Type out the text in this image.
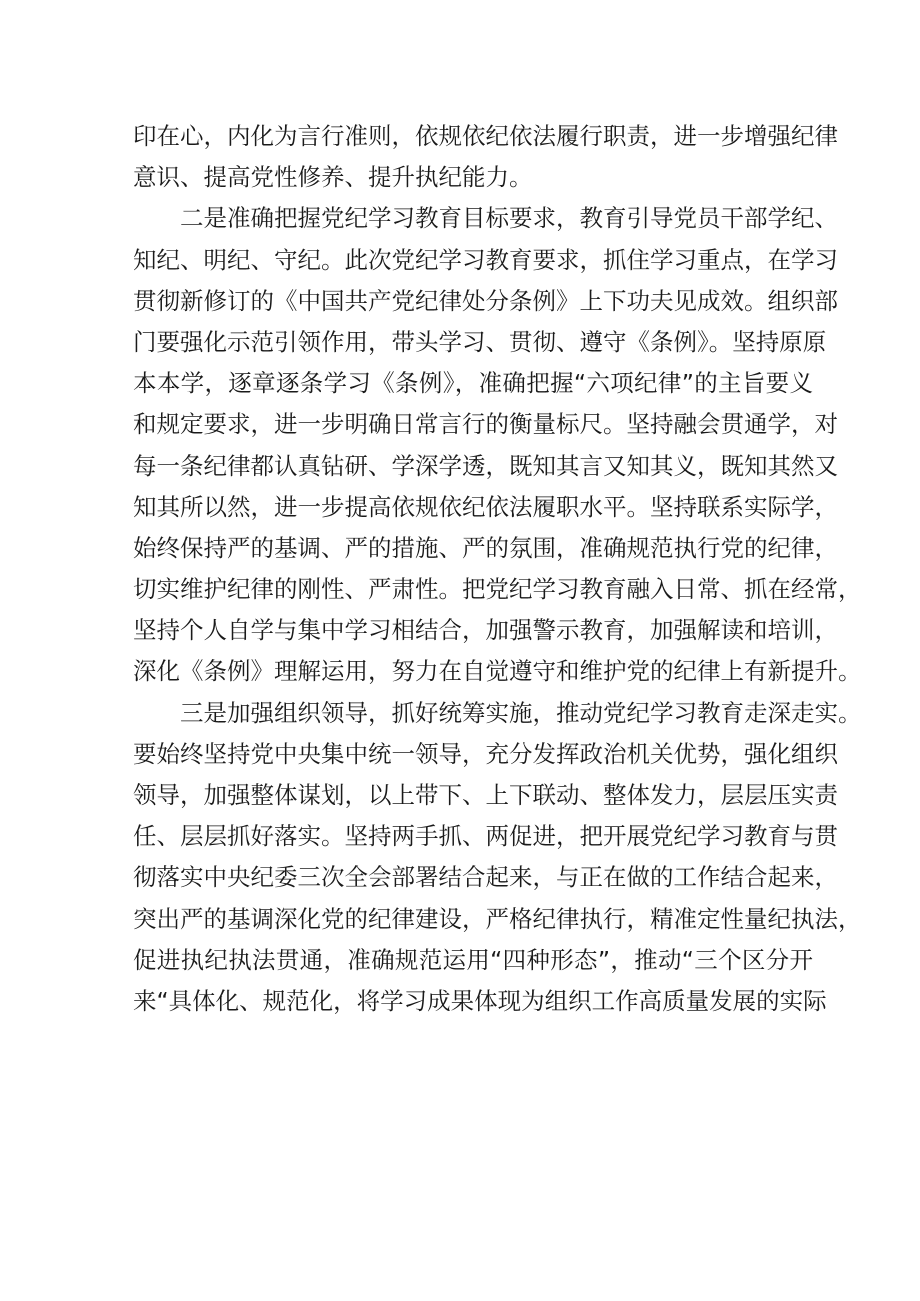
印在心，内化为言行准则，依规依纪依法履行职责，进一步增强纪律
意识、提高党性修养、提升执纪能力。
　　二是准确把握党纪学习教育目标要求，教育引导党员干部学纪、
知纪、明纪、守纪。此次党纪学习教育要求，抓住学习重点，在学习
贯彻新修订的《中国共产党纪律处分条例》上下功夫见成效。组织部
门要强化示范引领作用，带头学习、贯彻、遵守《条例》。坚持原原
本本学，逐章逐条学习《条例》，准确把握“六项纪律”的主旨要义
和规定要求，进一步明确日常言行的衡量标尺。坚持融会贯通学，对
每一条纪律都认真钻研、学深学透，既知其言又知其义，既知其然又
知其所以然，进一步提高依规依纪依法履职水平。坚持联系实际学，
始终保持严的基调、严的措施、严的氛围，准确规范执行党的纪律，
切实维护纪律的刚性、严肃性。把党纪学习教育融入日常、抓在经常，
坚持个人自学与集中学习相结合，加强警示教育，加强解读和培训，
深化《条例》理解运用，努力在自觉遵守和维护党的纪律上有新提升。
　　三是加强组织领导，抓好统筹实施，推动党纪学习教育走深走实。
要始终坚持党中央集中统一领导，充分发挥政治机关优势，强化组织
领导，加强整体谋划，以上带下、上下联动、整体发力，层层压实责
任、层层抓好落实。坚持两手抓、两促进，把开展党纪学习教育与贯
彻落实中央纪委三次全会部署结合起来，与正在做的工作结合起来，
突出严的基调深化党的纪律建设，严格纪律执行，精准定性量纪执法，
促进执纪执法贯通，准确规范运用“四种形态”，推动“三个区分开
来“具体化、规范化，将学习成果体现为组织工作高质量发展的实际
